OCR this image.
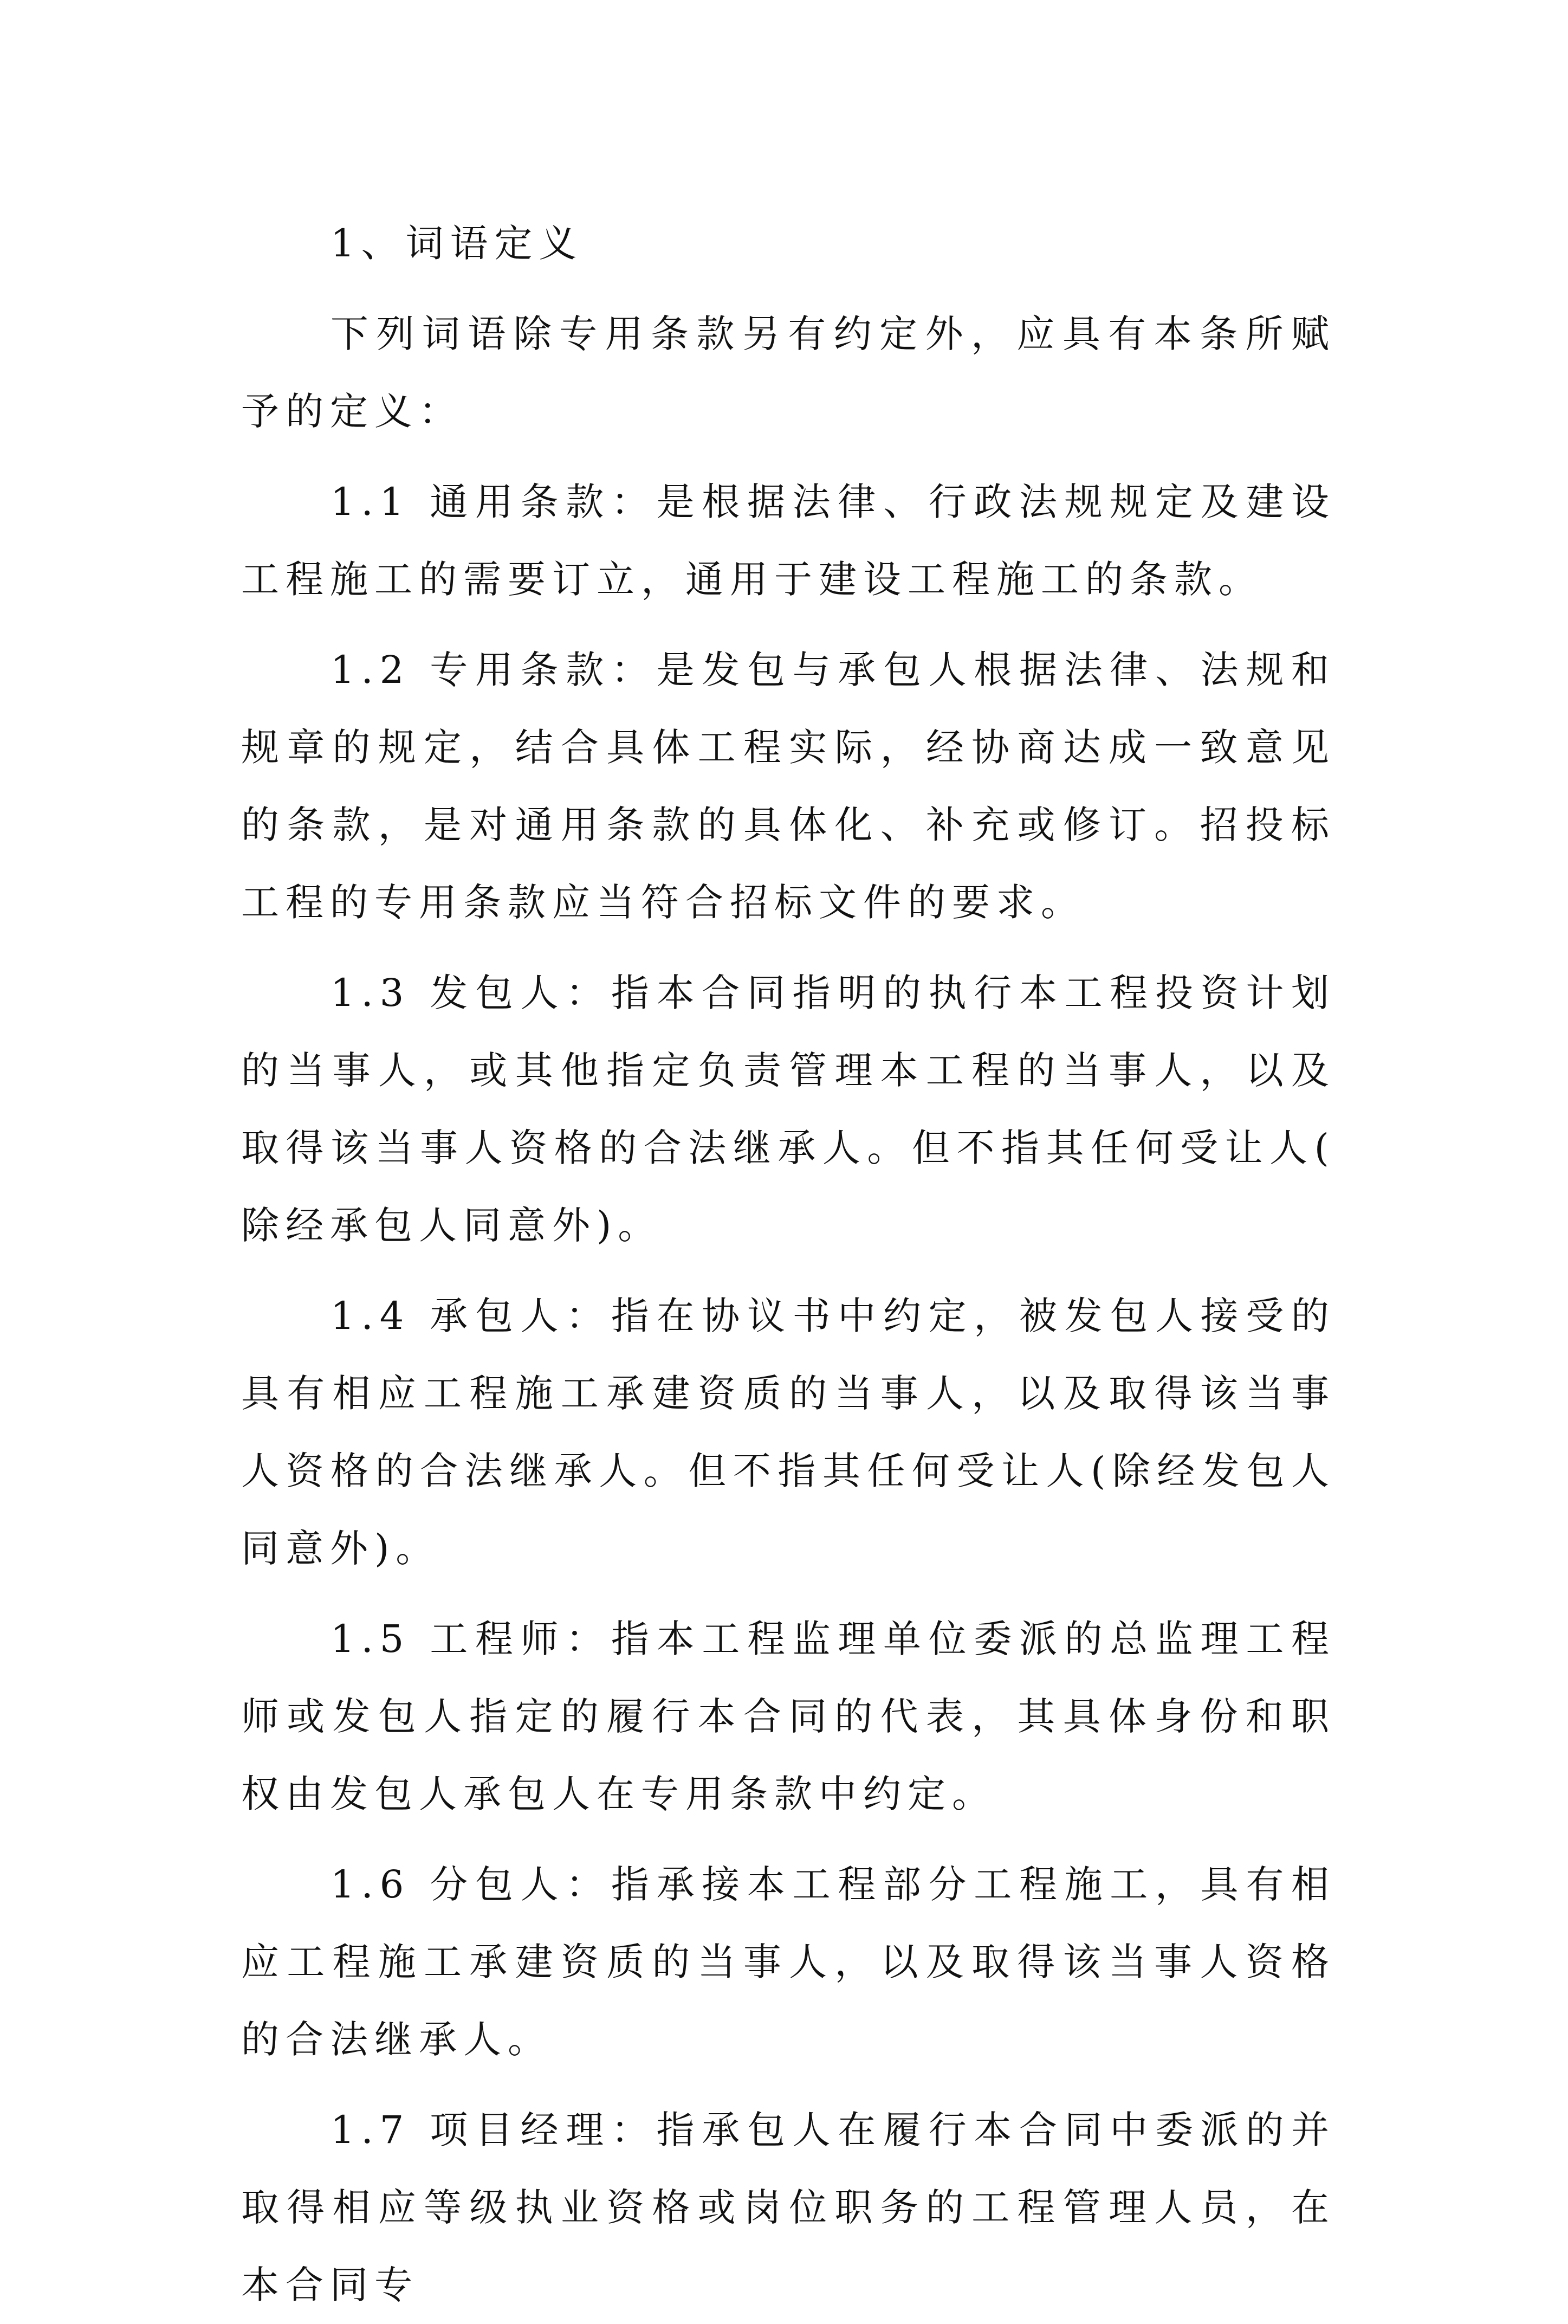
1、词语定义

下列词语除专用条款另有约定外，应具有本条所赋予的定义：

1.1 通用条款：是根据法律、行政法规规定及建设工程施工的需要订立，通用于建设工程施工的条款。

1.2 专用条款：是发包与承包人根据法律、法规和规章的规定，结合具体工程实际，经协商达成一致意见的条款，是对通用条款的具体化、补充或修订。招投标工程的专用条款应当符合招标文件的要求。

1.3 发包人：指本合同指明的执行本工程投资计划的当事人，或其他指定负责管理本工程的当事人，以及取得该当事人资格的合法继承人。但不指其任何受让人(除经承包人同意外)。

1.4 承包人：指在协议书中约定，被发包人接受的具有相应工程施工承建资质的当事人，以及取得该当事人资格的合法继承人。但不指其任何受让人(除经发包人同意外)。

1.5 工程师：指本工程监理单位委派的总监理工程师或发包人指定的履行本合同的代表，其具体身份和职权由发包人承包人在专用条款中约定。

1.6 分包人：指承接本工程部分工程施工，具有相应工程施工承建资质的当事人，以及取得该当事人资格的合法继承人。

1.7 项目经理：指承包人在履行本合同中委派的并取得相应等级执业资格或岗位职务的工程管理人员，在本合同专
